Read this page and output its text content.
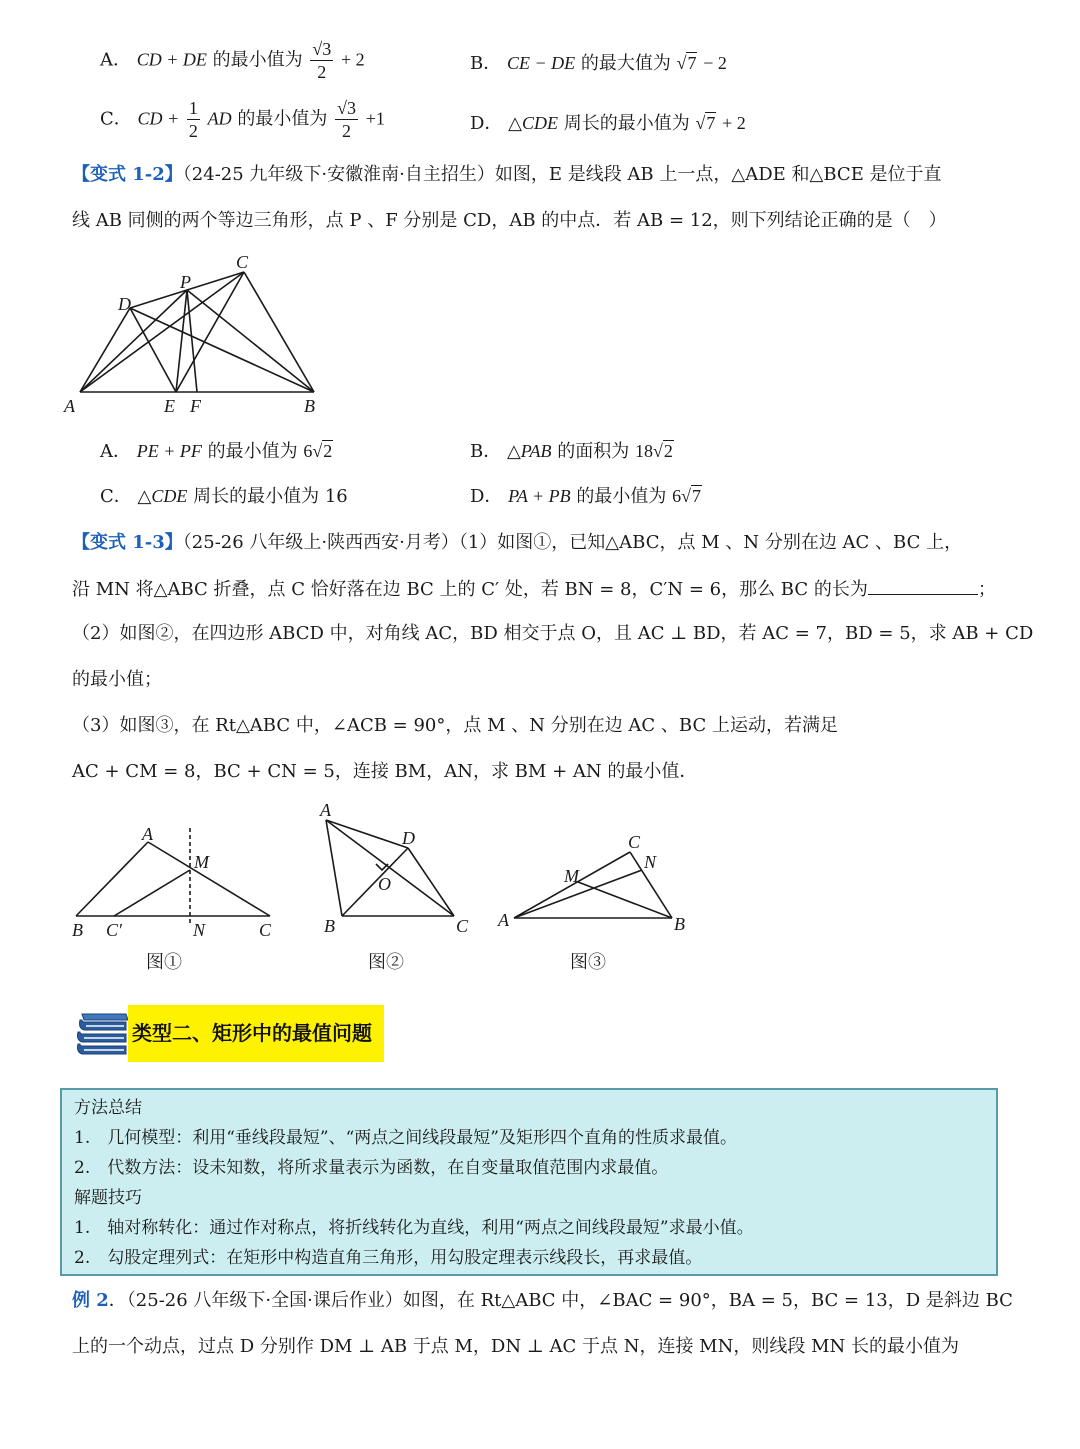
A． CD + DE 的最小值为 $\frac{√3}{2} + 2$	B． CE − DE 的最大值为 √7 − 2
C． CD + $\frac{1}{2}$ AD 的最小值为 $\frac{√3}{2} +1$	D． △CDE 周长的最小值为 √7 + 2
【变式 1-2】（24-25 九年级下·安徽淮南·自主招生）如图，E 是线段 AB 上一点，△ADE 和△BCE 是位于直
线 AB 同侧的两个等边三角形，点 P 、F 分别是 CD，AB 的中点．若 AB = 12，则下列结论正确的是（　）
A	E F	B
D
P
C
A． PE + PF 的最小值为 6√2	B． △PAB 的面积为 18√2
C． △CDE 周长的最小值为 16	D． PA + PB 的最小值为 6√7
【变式 1-3】（25-26 八年级上·陕西西安·月考）（1）如图①，已知△ABC，点 M 、N 分别在边 AC 、BC 上，
沿 MN 将△ABC 折叠，点 C 恰好落在边 BC 上的 C′ 处，若 BN = 8，C′N = 6，那么 BC 的长为	；
（2）如图②，在四边形 ABCD 中，对角线 AC，BD 相交于点 O，且 AC ⊥ BD，若 AC = 7，BD = 5，求 AB + CD
的最小值；
（3）如图③，在 Rt△ABC 中，∠ACB = 90°，点 M 、N 分别在边 AC 、BC 上运动，若满足
AC + CM = 8，BC + CN = 5，连接 BM，AN，求 BM + AN 的最小值．
A
M
B C′	N	C
图①
A
D
O
B	C
图②
A
M
C
N
B
图③
类型二、矩形中的最值问题
方法总结
1.　几何模型：利用“垂线段最短”、“两点之间线段最短”及矩形四个直角的性质求最值。
2.　代数方法：设未知数，将所求量表示为函数，在自变量取值范围内求最值。
解题技巧
1.　轴对称转化：通过作对称点，将折线转化为直线，利用“两点之间线段最短”求最小值。
2.　勾股定理列式：在矩形中构造直角三角形，用勾股定理表示线段长，再求最值。
例 2．（25-26 八年级下·全国·课后作业）如图，在 Rt△ABC 中，∠BAC = 90°，BA = 5，BC = 13，D 是斜边 BC
上的一个动点，过点 D 分别作 DM ⊥ AB 于点 M，DN ⊥ AC 于点 N，连接 MN，则线段 MN 长的最小值为
